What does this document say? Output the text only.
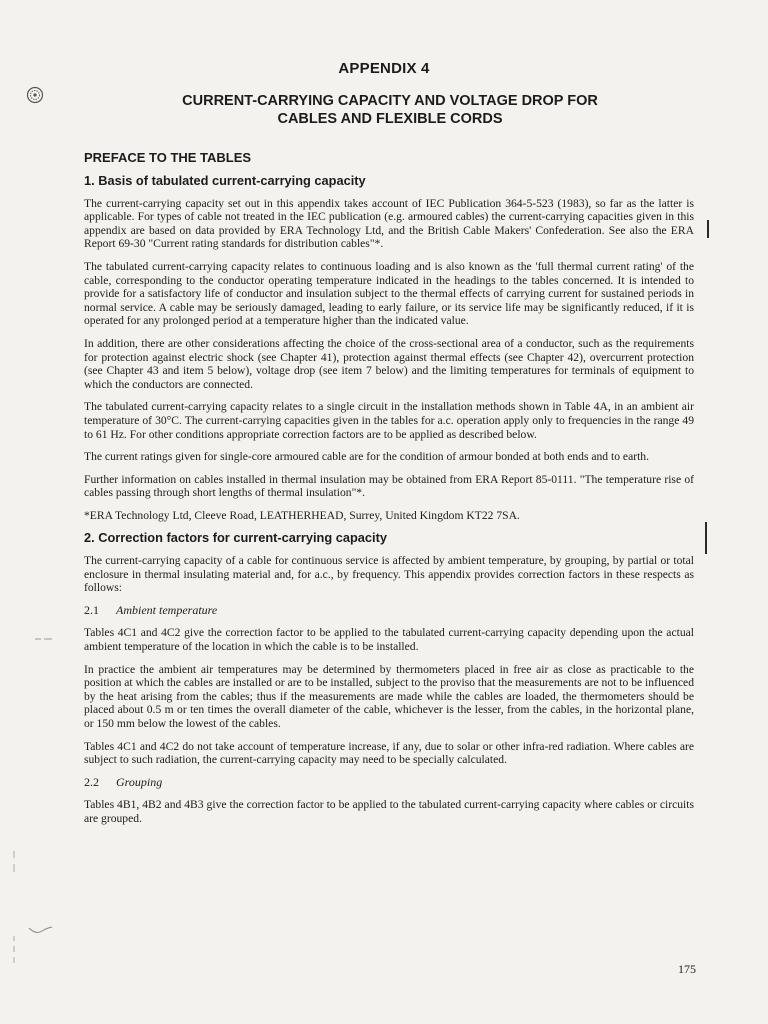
APPENDIX 4
CURRENT-CARRYING CAPACITY AND VOLTAGE DROP FOR
CABLES AND FLEXIBLE CORDS
PREFACE TO THE TABLES
1. Basis of tabulated current-carrying capacity

The current-carrying capacity set out in this appendix takes account of IEC Publication 364-5-523 (1983), so far as the latter is applicable. For types of cable not treated in the IEC publication (e.g. armoured cables) the current-carrying capacities given in this appendix are based on data provided by ERA Technology Ltd, and the British Cable Makers' Confederation. See also the ERA Report 69-30 "Current rating standards for distribution cables"*.

The tabulated current-carrying capacity relates to continuous loading and is also known as the 'full thermal current rating' of the cable, corresponding to the conductor operating temperature indicated in the headings to the tables concerned. It is intended to provide for a satisfactory life of conductor and insulation subject to the thermal effects of carrying current for sustained periods in normal service. A cable may be seriously damaged, leading to early failure, or its service life may be significantly reduced, if it is operated for any prolonged period at a temperature higher than the indicated value.

In addition, there are other considerations affecting the choice of the cross-sectional area of a conductor, such as the requirements for protection against electric shock (see Chapter 41), protection against thermal effects (see Chapter 42), overcurrent protection (see Chapter 43 and item 5 below), voltage drop (see item 7 below) and the limiting temperatures for terminals of equipment to which the conductors are connected.

The tabulated current-carrying capacity relates to a single circuit in the installation methods shown in Table 4A, in an ambient air temperature of 30°C. The current-carrying capacities given in the tables for a.c. operation apply only to frequencies in the range 49 to 61 Hz. For other conditions appropriate correction factors are to be applied as described below.

The current ratings given for single-core armoured cable are for the condition of armour bonded at both ends and to earth.

Further information on cables installed in thermal insulation may be obtained from ERA Report 85-0111. "The temperature rise of cables passing through short lengths of thermal insulation"*.

*ERA Technology Ltd, Cleeve Road, LEATHERHEAD, Surrey, United Kingdom KT22 7SA.

2. Correction factors for current-carrying capacity

The current-carrying capacity of a cable for continuous service is affected by ambient temperature, by grouping, by partial or total enclosure in thermal insulating material and, for a.c., by frequency. This appendix provides correction factors in these respects as follows:

2.1 Ambient temperature

Tables 4C1 and 4C2 give the correction factor to be applied to the tabulated current-carrying capacity depending upon the actual ambient temperature of the location in which the cable is to be installed.

In practice the ambient air temperatures may be determined by thermometers placed in free air as close as practicable to the position at which the cables are installed or are to be installed, subject to the proviso that the measurements are not to be influenced by the heat arising from the cables; thus if the measurements are made while the cables are loaded, the thermometers should be placed about 0.5 m or ten times the overall diameter of the cable, whichever is the lesser, from the cables, in the horizontal plane, or 150 mm below the lowest of the cables.

Tables 4C1 and 4C2 do not take account of temperature increase, if any, due to solar or other infra-red radiation. Where cables are subject to such radiation, the current-carrying capacity may need to be specially calculated.

2.2 Grouping

Tables 4B1, 4B2 and 4B3 give the correction factor to be applied to the tabulated current-carrying capacity where cables or circuits are grouped.

175
